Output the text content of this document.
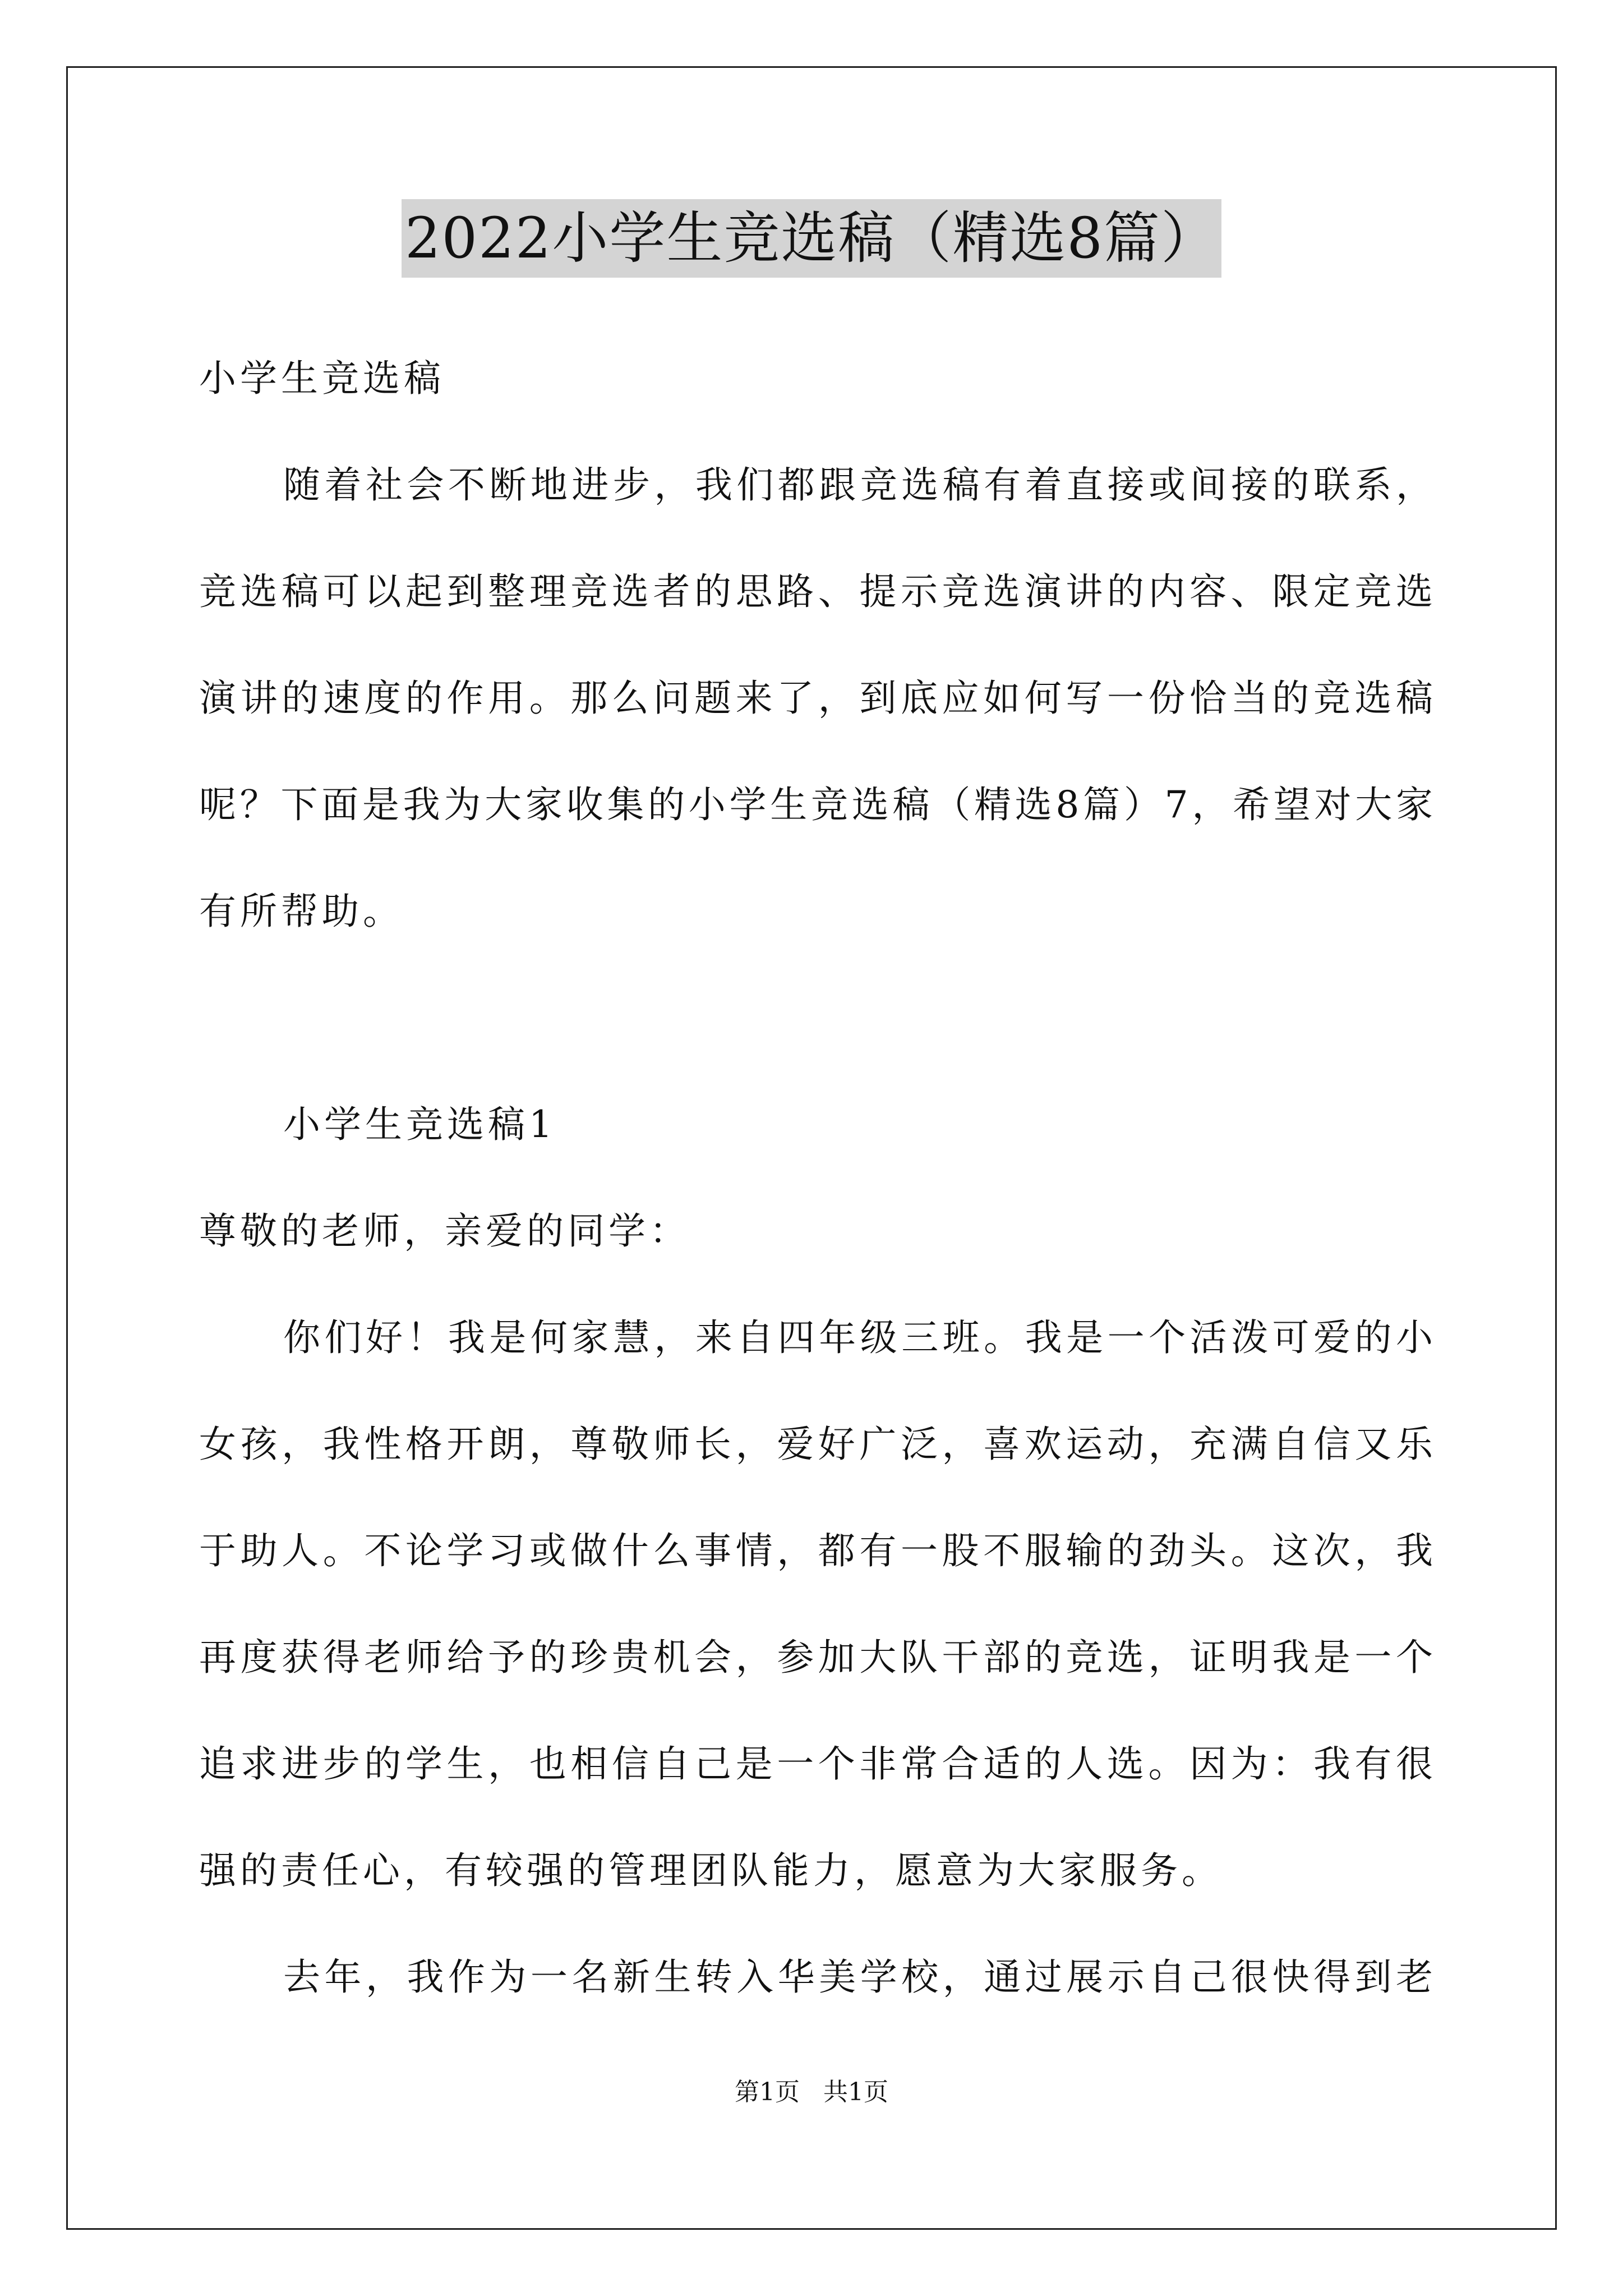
2022小学生竞选稿（精选8篇）
小学生竞选稿
随着社会不断地进步，我们都跟竞选稿有着直接或间接的联系，
竞选稿可以起到整理竞选者的思路、提示竞选演讲的内容、限定竞选
演讲的速度的作用。那么问题来了，到底应如何写一份恰当的竞选稿
呢？下面是我为大家收集的小学生竞选稿（精选8篇）7，希望对大家
有所帮助。
小学生竞选稿1
尊敬的老师，亲爱的同学：
你们好！我是何家慧，来自四年级三班。我是一个活泼可爱的小
女孩，我性格开朗，尊敬师长，爱好广泛，喜欢运动，充满自信又乐
于助人。不论学习或做什么事情，都有一股不服输的劲头。这次，我
再度获得老师给予的珍贵机会，参加大队干部的竞选，证明我是一个
追求进步的学生，也相信自己是一个非常合适的人选。因为：我有很
强的责任心，有较强的管理团队能力，愿意为大家服务。
去年，我作为一名新生转入华美学校，通过展示自己很快得到老
第1页 共1页
